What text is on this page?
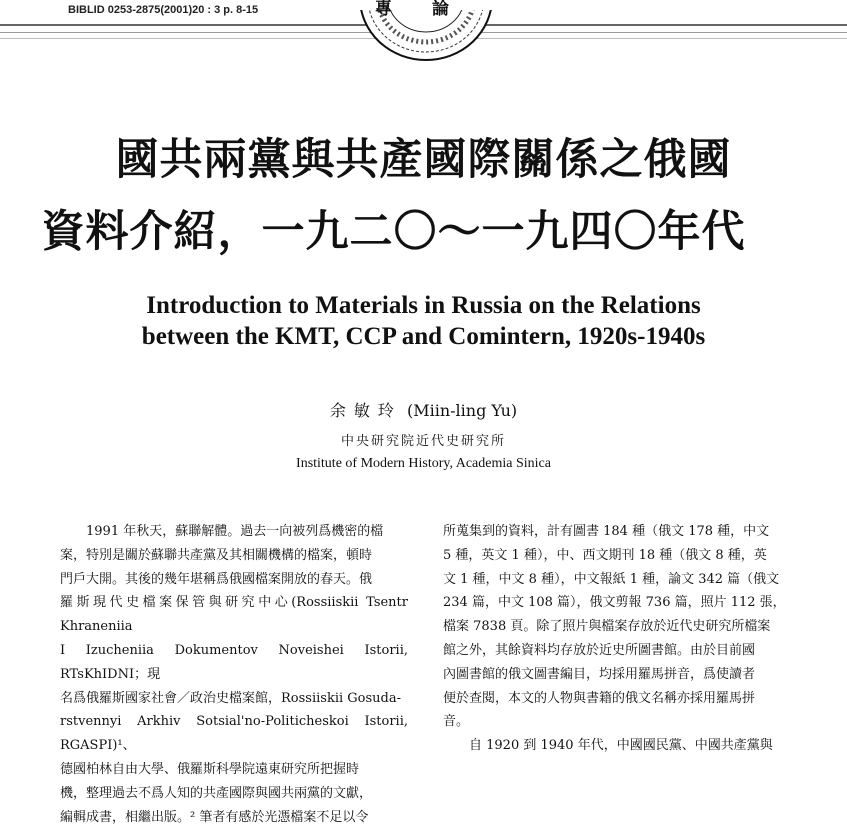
BIBLID 0253-2875(2001)20 : 3 p. 8-15	專論
國共兩黨與共產國際關係之俄國
資料介紹，一九二〇～一九四〇年代
Introduction to Materials in Russia on the Relations
between the KMT, CCP and Comintern, 1920s-1940s
余敏玲 (Miin-ling Yu)
中央研究院近代史研究所
Institute of Modern History, Academia Sinica

1991 年秋天，蘇聯解體。過去一向被列爲機密的檔

案，特別是關於蘇聯共產黨及其相關機構的檔案，頓時

門戶大開。其後的幾年堪稱爲俄國檔案開放的春天。俄

羅斯現代史檔案保管與研究中心(Rossiiskii Tsentr Khraneniia

I Izucheniia Dokumentov Noveishei Istorii, RTsKhIDNI；現

名爲俄羅斯國家社會／政治史檔案館，Rossiiskii Gosuda-

rstvennyi Arkhiv Sotsial'no-Politicheskoi Istorii, RGASPI)¹、

德國柏林自由大學、俄羅斯科學院遠東研究所把握時

機，整理過去不爲人知的共產國際與國共兩黨的文獻，

編輯成書，相繼出版。² 筆者有感於光憑檔案不足以令

所蒐集到的資料，計有圖書 184 種（俄文 178 種，中文

5 種，英文 1 種），中、西文期刊 18 種（俄文 8 種，英

文 1 種，中文 8 種），中文報紙 1 種，論文 342 篇（俄文

234 篇，中文 108 篇），俄文剪報 736 篇，照片 112 張，

檔案 7838 頁。除了照片與檔案存放於近代史研究所檔案

館之外，其餘資料均存放於近史所圖書館。由於目前國

內圖書館的俄文圖書編目，均採用羅馬拼音，爲使讀者

便於查閱，本文的人物與書籍的俄文名稱亦採用羅馬拼

音。

自 1920 到 1940 年代，中國國民黨、中國共產黨與
